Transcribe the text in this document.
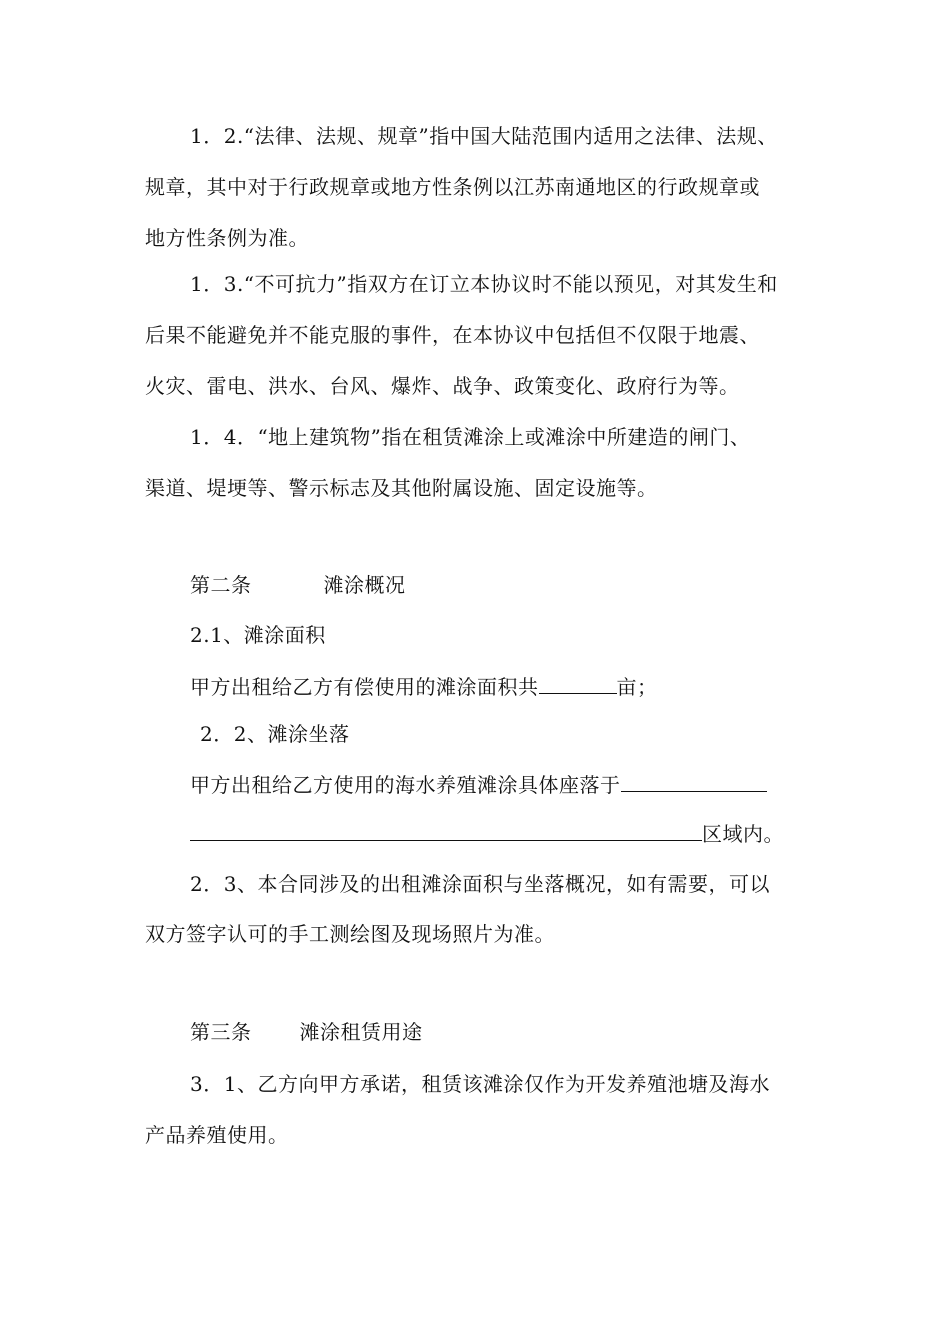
1．2.“法律、法规、规章”指中国大陆范围内适用之法律、法规、
规章，其中对于行政规章或地方性条例以江苏南通地区的行政规章或
地方性条例为准。
1．3.“不可抗力”指双方在订立本协议时不能以预见，对其发生和
后果不能避免并不能克服的事件，在本协议中包括但不仅限于地震、
火灾、雷电、洪水、台风、爆炸、战争、政策变化、政府行为等。
1．4．“地上建筑物”指在租赁滩涂上或滩涂中所建造的闸门、
渠道、堤埂等、警示标志及其他附属设施、固定设施等。
第二条	滩涂概况
2.1、滩涂面积
甲方出租给乙方有偿使用的滩涂面积共	亩；
2．2、滩涂坐落
甲方出租给乙方使用的海水养殖滩涂具体座落于
区域内。
2．3、本合同涉及的出租滩涂面积与坐落概况，如有需要，可以
双方签字认可的手工测绘图及现场照片为准。
第三条 滩涂租赁用途
3．1、乙方向甲方承诺，租赁该滩涂仅作为开发养殖池塘及海水
产品养殖使用。
